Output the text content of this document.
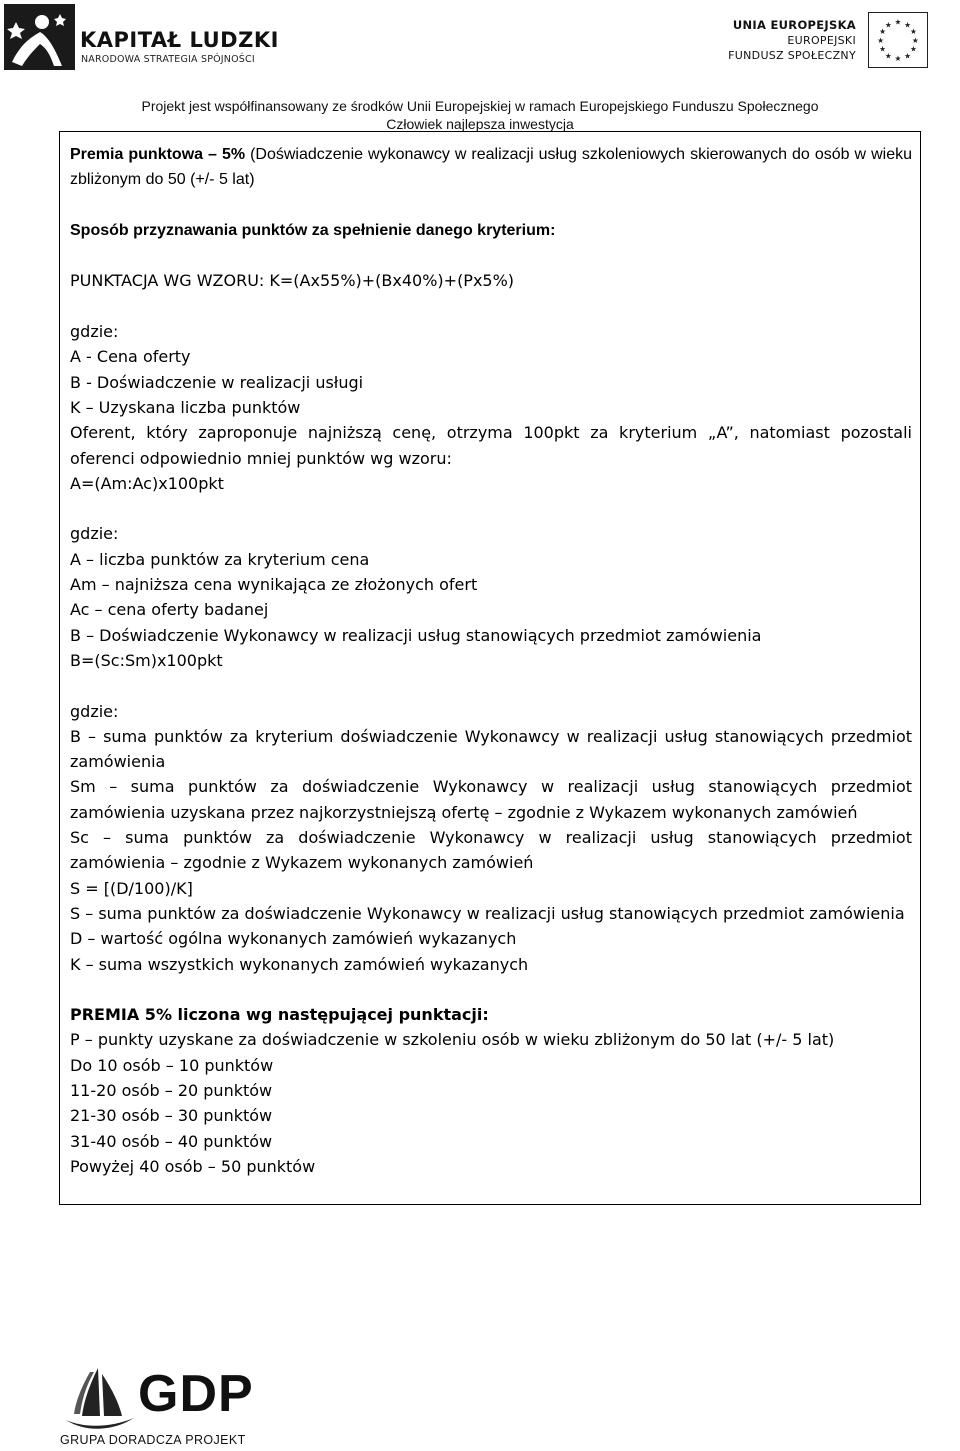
KAPITAŁ LUDZKI
NARODOWA STRATEGIA SPÓJNOŚCI
UNIA EUROPEJSKA
EUROPEJSKI
FUNDUSZ SPOŁECZNY
★ ★
★
★
★
★
★
★
★
★
★
★
Projekt jest współfinansowany ze środków Unii Europejskiej w ramach Europejskiego Funduszu Społecznego
Człowiek najlepsza inwestycja

Premia punktowa – 5% (Doświadczenie wykonawcy w realizacji usług szkoleniowych skierowanych do osób w wieku zbliżonym do 50 (+/- 5 lat)

Sposób przyznawania punktów za spełnienie danego kryterium:

PUNKTACJA WG WZORU: K=(Ax55%)+(Bx40%)+(Px5%)

gdzie:

A - Cena oferty

B - Doświadczenie w realizacji usługi

K – Uzyskana liczba punktów

Oferent, który zaproponuje najniższą cenę, otrzyma 100pkt za kryterium „A”, natomiast pozostali oferenci odpowiednio mniej punktów wg wzoru:

A=(Am:Ac)x100pkt

gdzie:

A – liczba punktów za kryterium cena

Am – najniższa cena wynikająca ze złożonych ofert

Ac – cena oferty badanej

B – Doświadczenie Wykonawcy w realizacji usług stanowiących przedmiot zamówienia

B=(Sc:Sm)x100pkt

gdzie:

B – suma punktów za kryterium doświadczenie Wykonawcy w realizacji usług stanowiących przedmiot zamówienia

Sm – suma punktów za doświadczenie Wykonawcy w realizacji usług stanowiących przedmiot zamówienia uzyskana przez najkorzystniejszą ofertę – zgodnie z Wykazem wykonanych zamówień

Sc – suma punktów za doświadczenie Wykonawcy w realizacji usług stanowiących przedmiot zamówienia – zgodnie z Wykazem wykonanych zamówień

S = [(D/100)/K]

S – suma punktów za doświadczenie Wykonawcy w realizacji usług stanowiących przedmiot zamówienia

D – wartość ogólna wykonanych zamówień wykazanych

K – suma wszystkich wykonanych zamówień wykazanych

PREMIA 5% liczona wg następującej punktacji:

P – punkty uzyskane za doświadczenie w szkoleniu osób w wieku zbliżonym do 50 lat (+/- 5 lat)

Do 10 osób – 10 punktów

11-20 osób – 20 punktów

21-30 osób – 30 punktów

31-40 osób – 40 punktów

Powyżej 40 osób – 50 punktów

GDP
GRUPA DORADCZA PROJEKT
